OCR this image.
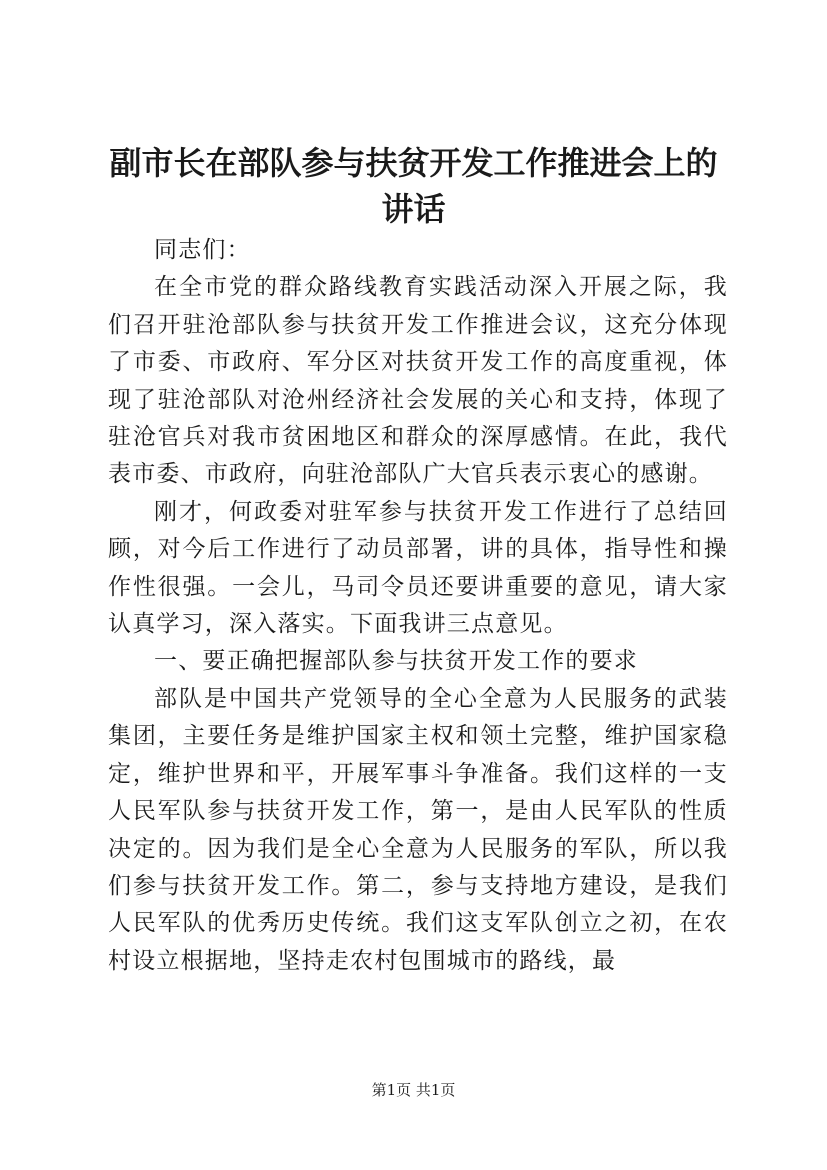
副市长在部队参与扶贫开发工作推进会上的讲话

同志们：

在全市党的群众路线教育实践活动深入开展之际，我们召开驻沧部队参与扶贫开发工作推进会议，这充分体现了市委、市政府、军分区对扶贫开发工作的高度重视，体现了驻沧部队对沧州经济社会发展的关心和支持，体现了驻沧官兵对我市贫困地区和群众的深厚感情。在此，我代表市委、市政府，向驻沧部队广大官兵表示衷心的感谢。

刚才，何政委对驻军参与扶贫开发工作进行了总结回顾，对今后工作进行了动员部署，讲的具体，指导性和操作性很强。一会儿，马司令员还要讲重要的意见，请大家认真学习，深入落实。下面我讲三点意见。

一、要正确把握部队参与扶贫开发工作的要求

部队是中国共产党领导的全心全意为人民服务的武装集团，主要任务是维护国家主权和领土完整，维护国家稳定，维护世界和平，开展军事斗争准备。我们这样的一支人民军队参与扶贫开发工作，第一，是由人民军队的性质决定的。因为我们是全心全意为人民服务的军队，所以我们参与扶贫开发工作。第二，参与支持地方建设，是我们人民军队的优秀历史传统。我们这支军队创立之初，在农村设立根据地，坚持走农村包围城市的路线，最

第1页 共1页
